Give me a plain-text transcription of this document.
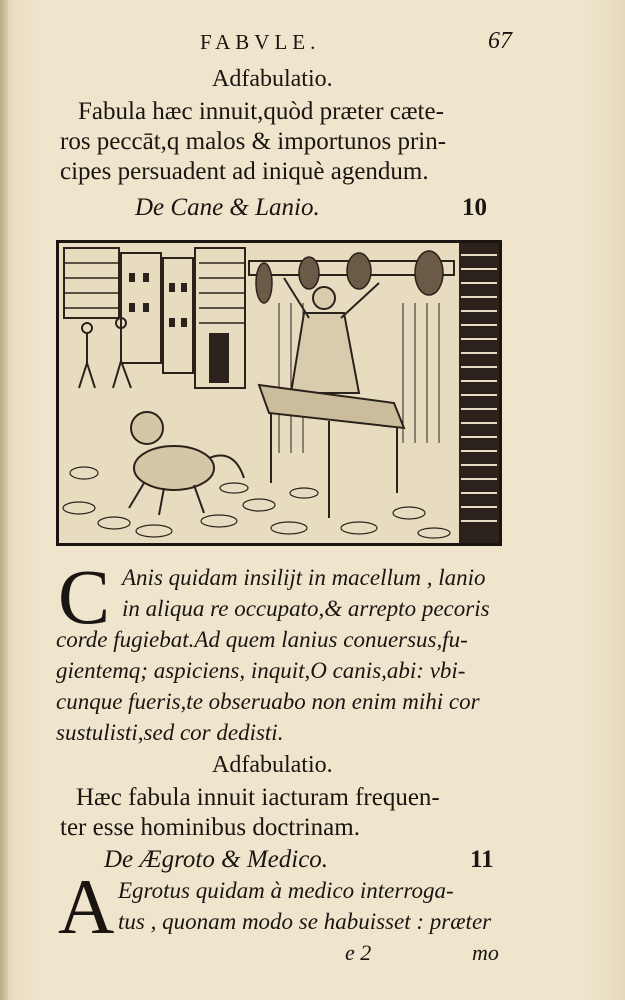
FABVLE.	67
Adfabulatio.
Fabula hæc innuit,quòd præter cæte-
ros peccāt,q malos & importunos prin-
cipes persuadent ad iniquè agendum.
De Cane & Lanio.	10
C Anis quidam insilijt in macellum , lanio
in aliqua re occupato,& arrepto pecoris
corde fugiebat.Ad quem lanius conuersus,fu-
gientemq; aspiciens, inquit,O canis,abi: vbi-
cunque fueris,te obseruabo non enim mihi cor
sustulisti,sed cor dedisti.
Adfabulatio.
Hæc fabula innuit iacturam frequen-
ter esse hominibus doctrinam.
De Ægroto & Medico.	11
A Egrotus quidam à medico interroga-
tus , quonam modo se habuisset : præter
e 2	mo
